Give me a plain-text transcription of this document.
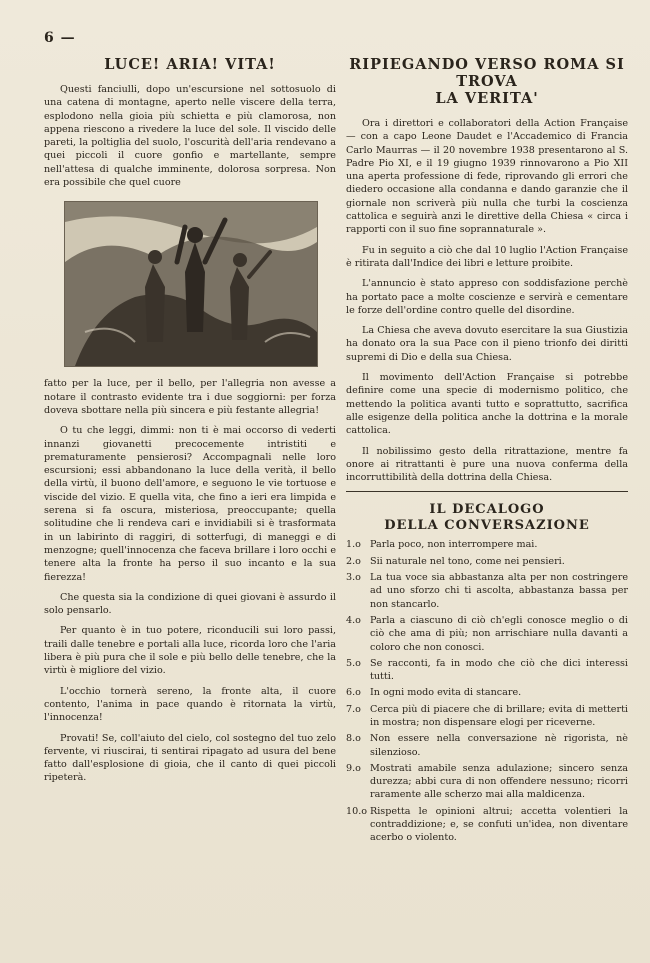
6 —
LUCE! ARIA! VITA!

Questi fanciulli, dopo un'escursione nel sottosuolo di una catena di montagne, aperto nelle viscere della terra, esplodono nella gioia più schietta e più clamorosa, non appena riescono a rivedere la luce del sole. Il viscido delle pareti, la poltiglia del suolo, l'oscurità dell'aria rendevano a quei piccoli il cuore gonfio e martellante, sempre nell'attesa di qualche imminente, dolorosa sorpresa. Non era possibile che quel cuore

fatto per la luce, per il bello, per l'allegria non avesse a notare il contrasto evidente tra i due soggiorni: per forza doveva sbottare nella più sincera e più festante allegria!

O tu che leggi, dimmi: non ti è mai occorso di vederti innanzi giovanetti precocemente intristiti e prematuramente pensierosi? Accompagnali nelle loro escursioni; essi abbandonano la luce della verità, il bello della virtù, il buono dell'amore, e seguono le vie tortuose e viscide del vizio. E quella vita, che fino a ieri era limpida e serena si fa oscura, misteriosa, preoccupante; quella solitudine che li rendeva cari e invidiabili si è trasformata in un labirinto di raggiri, di sotterfugi, di maneggi e di menzogne; quell'innocenza che faceva brillare i loro occhi e tenere alta la fronte ha perso il suo incanto e la sua fierezza!

Che questa sia la condizione di quei giovani è assurdo il solo pensarlo.

Per quanto è in tuo potere, riconducili sui loro passi, traili dalle tenebre e portali alla luce, ricorda loro che l'aria libera è più pura che il sole e più bello delle tenebre, che la virtù è migliore del vizio.

L'occhio tornerà sereno, la fronte alta, il cuore contento, l'anima in pace quando è ritornata la virtù, l'innocenza!

Provati! Se, coll'aiuto del cielo, col sostegno del tuo zelo fervente, vi riuscirai, ti sentirai ripagato ad usura del bene fatto dall'esplosione di gioia, che il canto di quei piccoli ripeterà.

RIPIEGANDO VERSO ROMA SI TROVA
LA VERITA'

Ora i direttori e collaboratori della Action Française — con a capo Leone Daudet e l'Accademico di Francia Carlo Maurras — il 20 novembre 1938 presentarono al S. Padre Pio XI, e il 19 giugno 1939 rinnovarono a Pio XII una aperta professione di fede, riprovando gli errori che diedero occasione alla condanna e dando garanzie che il giornale non scriverà più nulla che turbi la coscienza cattolica e seguirà anzi le direttive della Chiesa « circa i rapporti con il suo fine soprannaturale ».

Fu in seguito a ciò che dal 10 luglio l'Action Française è ritirata dall'Indice dei libri e letture proibite.

L'annuncio è stato appreso con soddisfazione perchè ha portato pace a molte coscienze e servirà e cementare le forze dell'ordine contro quelle del disordine.

La Chiesa che aveva dovuto esercitare la sua Giustizia ha donato ora la sua Pace con il pieno trionfo dei diritti supremi di Dio e della sua Chiesa.

Il movimento dell'Action Française si potrebbe definire come una specie di modernismo politico, che mettendo la politica avanti tutto e soprattutto, sacrifica alle esigenze della politica anche la dottrina e la morale cattolica.

Il nobilissimo gesto della ritrattazione, mentre fa onore ai ritrattanti è pure una nuova conferma della incorruttibilità della dottrina della Chiesa.

IL DECALOGO
DELLA CONVERSAZIONE
1.o Parla poco, non interrompere mai.
2.o Sii naturale nel tono, come nei pensieri.
3.o La tua voce sia abbastanza alta per non costringere ad uno sforzo chi ti ascolta, abbastanza bassa per non stancarlo.
4.o Parla a ciascuno di ciò ch'egli conosce meglio o di ciò che ama di più; non arrischiare nulla davanti a coloro che non conosci.
5.o Se racconti, fa in modo che ciò che dici interessi tutti.
6.o In ogni modo evita di stancare.
7.o Cerca più di piacere che di brillare; evita di metterti in mostra; non dispensare elogi per riceverne.
8.o Non essere nella conversazione nè rigorista, nè silenzioso.
9.o Mostrati amabile senza adulazione; sincero senza durezza; abbi cura di non offendere nessuno; ricorri raramente alle scherzo mai alla maldicenza.
10.o Rispetta le opinioni altrui; accetta volentieri la contraddizione; e, se confuti un'idea, non diventare acerbo o violento.
